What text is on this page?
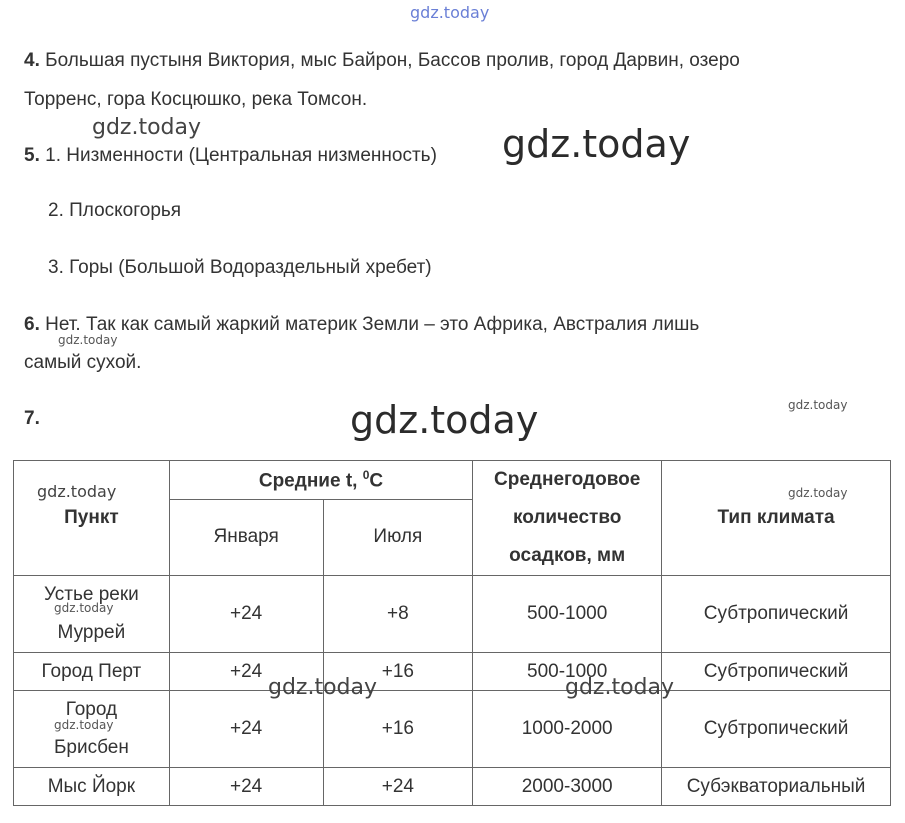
gdz.today
4. Большая пустыня Виктория, мыс Байрон, Бассов пролив, город Дарвин, озеро
Торренс, гора Косцюшко, река Томсон.
gdz.today
5. 1. Низменности (Центральная низменность) gdz.today
2. Плоскогорья
3. Горы (Большой Водораздельный хребет)
6. Нет. Так как самый жаркий материк Земли – это Африка, Австралия лишь
gdz.today
самый сухой.
7.	gdz.today	gdz.today
Пункт	Средние t, $^0$С		Среднегодовое
количество
осадков, мм	Тип климата
	Января	Июля		

Устье реки
Муррей	+24	+8	500-1000	Субтропический
Город Перт	+24	+16	500-1000	Субтропический

Город
Брисбен	+24	+16	1000-2000	Субтропический
Мыс Йорк	+24	+24	2000-3000	Субэкваториальный
gdz.today	gdz.today
gdz.today
gdz.today	gdz.today
gdz.today
